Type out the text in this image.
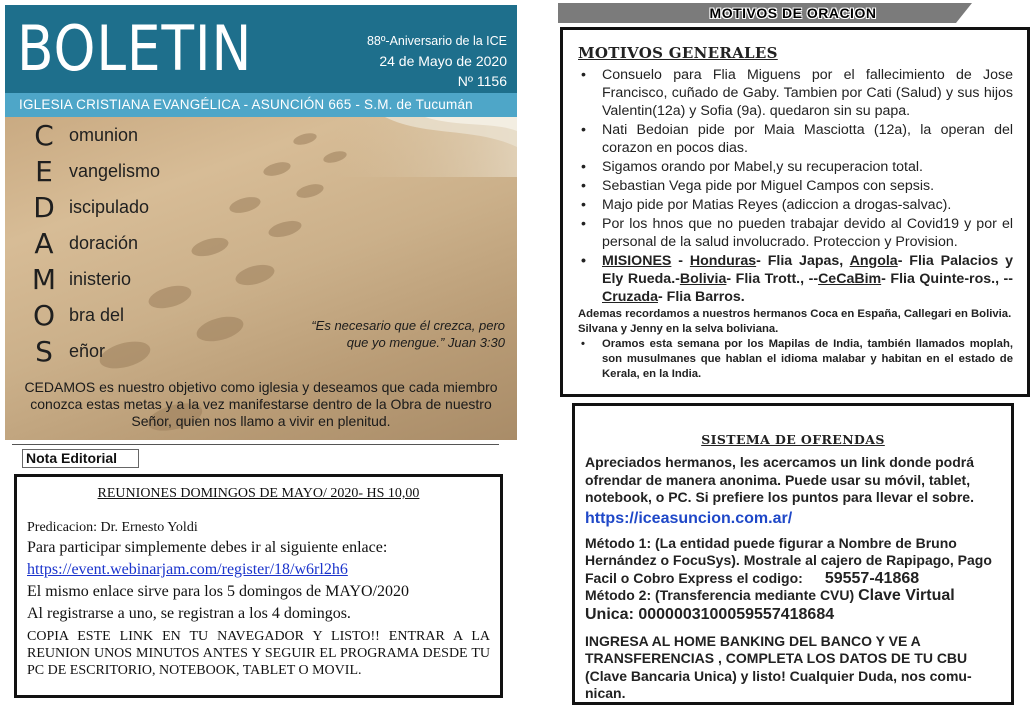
BOLETIN	88º-Aniversario de la ICE
24 de Mayo de 2020
Nº 1156
IGLESIA CRISTIANA EVANGÉLICA - ASUNCIÓN 665 - S.M. de Tucumán
C omunion
E vangelismo
D iscipulado
A doración
M inisterio
O bra del
S eñor
“Es necesario que él crezca, pero
que yo mengue.” Juan 3:30
CEDAMOS es nuestro objetivo como iglesia y deseamos que cada miembro conozca estas metas y a la vez manifestarse dentro de la Obra de nuestro Señor, quien nos llamo a vivir en plenitud.
Nota Editorial
REUNIONES DOMINGOS DE MAYO/ 2020- HS 10,00
Predicacion: Dr. Ernesto Yoldi
Para participar simplemente debes ir al siguiente enlace:
https://event.webinarjam.com/register/18/w6rl2h6
El mismo enlace sirve para los 5 domingos de MAYO/2020
Al registrarse a uno, se registran a los 4 domingos.
COPIA ESTE LINK EN TU NAVEGADOR Y LISTO!! ENTRAR A LA REUNION UNOS MINUTOS ANTES Y SEGUIR EL PROGRAMA DESDE TU PC DE ESCRITORIO, NOTEBOOK, TABLET O MOVIL.
MOTIVOS DE ORACION
MOTIVOS GENERALES
• Consuelo para Flia Miguens por el fallecimiento de Jose Francisco, cuñado de Gaby. Tambien por Cati (Salud) y sus hijos Valentin(12a) y Sofia (9a). quedaron sin su papa.
• Nati Bedoian pide por Maia Masciotta (12a), la operan del corazon en pocos dias.
• Sigamos orando por Mabel,y su recuperacion total.
• Sebastian Vega pide por Miguel Campos con sepsis.
• Majo pide por Matias Reyes (adiccion a drogas-salvac).
• Por los hnos que no pueden trabajar devido al Covid19 y por el personal de la salud involucrado. Proteccion y Provision.
• MISIONES - Honduras- Flia Japas, Angola- Flia Palacios y Ely Rueda.-Bolivia- Flia Trott., --CeCaBim- Flia Quinte-ros., --Cruzada- Flia Barros.
Ademas recordamos a nuestros hermanos Coca en España, Callegari en Bolivia. Silvana y Jenny en la selva boliviana.
• Oramos esta semana por los Mapilas de India, también llamados moplah, son musulmanes que hablan el idioma malabar y habitan en el estado de Kerala, en la India.
SISTEMA DE OFRENDAS

Apreciados hermanos, les acercamos un link donde podrá ofrendar de manera anonima. Puede usar su móvil, tablet, notebook, o PC. Si prefiere los puntos para llevar el sobre.

https://iceasuncion.com.ar/

Método 1: (La entidad puede figurar a Nombre de Bruno Hernández o FocuSys). Mostrale al cajero de Rapipago, Pago Facil o Cobro Express el codigo: 59557-41868

Método 2: (Transferencia mediante CVU) Clave Virtual

Unica: 0000003100059557418684

INGRESA AL HOME BANKING DEL BANCO Y VE A TRANSFERENCIAS , COMPLETA LOS DATOS DE TU CBU (Clave Bancaria Unica) y listo! Cualquier Duda, nos comu-nican.
